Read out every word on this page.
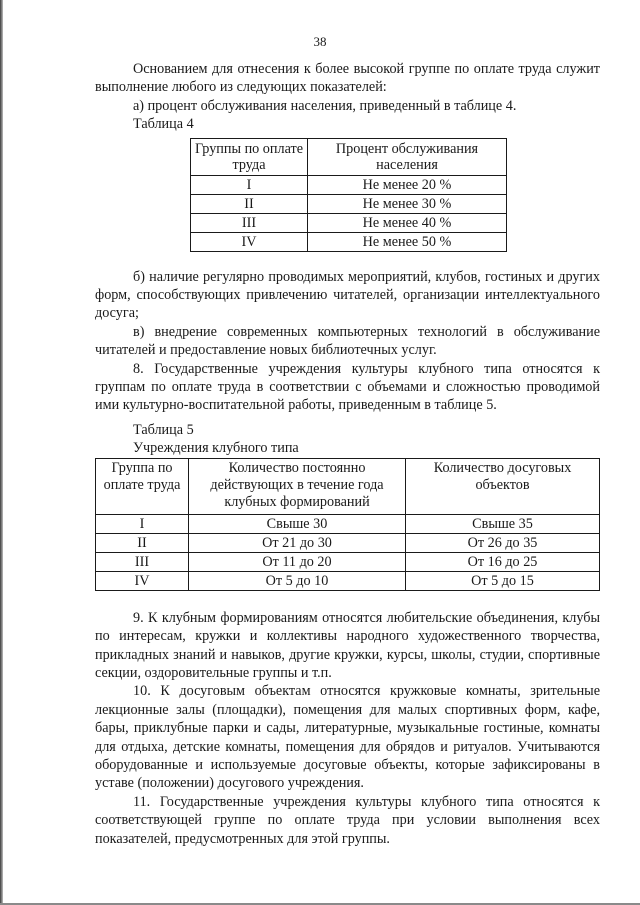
38

Основанием для отнесения к более высокой группе по оплате труда служит выполнение любого из следующих показателей:

а) процент обслуживания населения, приведенный в таблице 4.

Таблица 4

Группы по оплате труда	Процент обслуживания населения
I	Не менее 20 %
II	Не менее 30 %
III	Не менее 40 %
IV	Не менее 50 %

б) наличие регулярно проводимых мероприятий, клубов, гостиных и других форм, способствующих привлечению читателей, организации интеллектуального досуга;

в) внедрение современных компьютерных технологий в обслуживание читателей и предоставление новых библиотечных услуг.

8. Государственные учреждения культуры клубного типа относятся к группам по оплате труда в соответствии с объемами и сложностью проводимой ими культурно-воспитательной работы, приведенным в таблице 5.

Таблица 5

Учреждения клубного типа

Группа по оплате труда	Количество постоянно действующих в течение года клубных формирований	Количество досуговых объектов
I	Свыше 30	Свыше 35
II	От 21 до 30	От 26 до 35
III	От 11 до 20	От 16 до 25
IV	От 5 до 10	От 5 до 15

9. К клубным формированиям относятся любительские объединения, клубы по интересам, кружки и коллективы народного художественного творчества, прикладных знаний и навыков, другие кружки, курсы, школы, студии, спортивные секции, оздоровительные группы и т.п.

10. К досуговым объектам относятся кружковые комнаты, зрительные лекционные залы (площадки), помещения для малых спортивных форм, кафе, бары, приклубные парки и сады, литературные, музыкальные гостиные, комнаты для отдыха, детские комнаты, помещения для обрядов и ритуалов. Учитываются оборудованные и используемые досуговые объекты, которые зафиксированы в уставе (положении) досугового учреждения.

11. Государственные учреждения культуры клубного типа относятся к соответствующей группе по оплате труда при условии выполнения всех показателей, предусмотренных для этой группы.
